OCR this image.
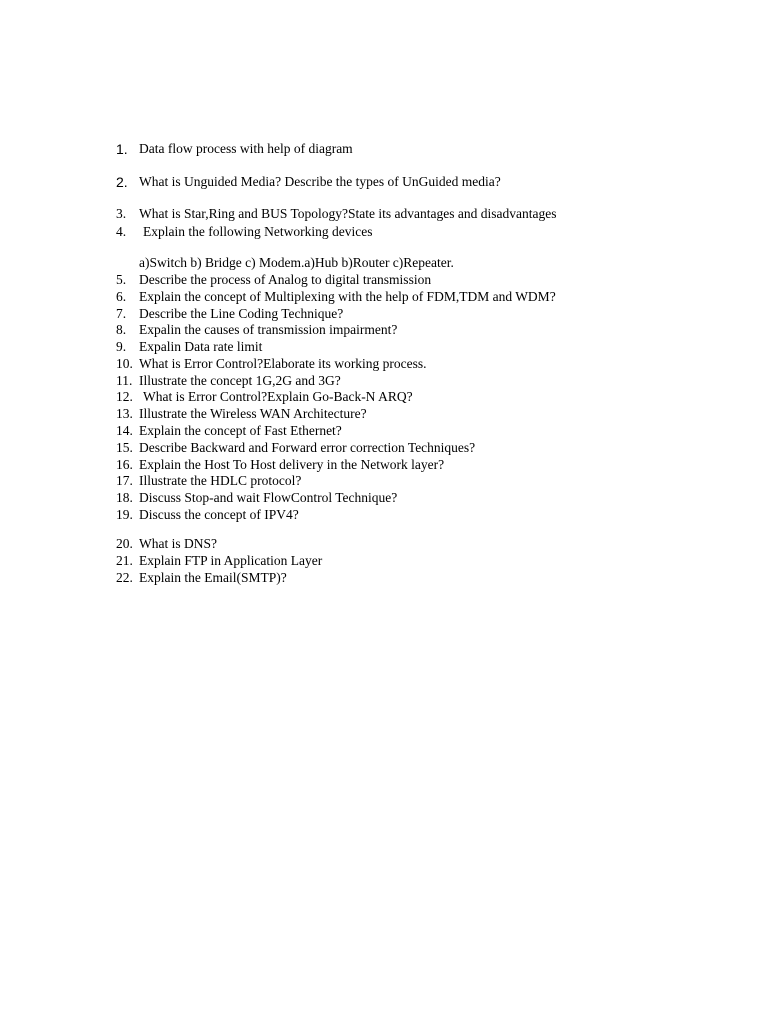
1. Data flow process with help of diagram
2. What is Unguided Media? Describe the types of UnGuided media?
3. What is Star,Ring and BUS Topology?State its advantages and disadvantages
4. Explain the following Networking devices
a)Switch b) Bridge c) Modem.a)Hub b)Router c)Repeater.
5. Describe the process of Analog to digital transmission
6. Explain the concept of Multiplexing with the help of FDM,TDM and WDM?
7. Describe the Line Coding Technique?
8. Expalin the causes of transmission impairment?
9. Expalin Data rate limit
10. What is Error Control?Elaborate its working process.
11. Illustrate the concept 1G,2G and 3G?
12. What is Error Control?Explain Go-Back-N ARQ?
13. Illustrate the Wireless WAN Architecture?
14. Explain the concept of Fast Ethernet?
15. Describe Backward and Forward error correction Techniques?
16. Explain the Host To Host delivery in the Network layer?
17. Illustrate the HDLC protocol?
18. Discuss Stop-and wait FlowControl Technique?
19. Discuss the concept of IPV4?
20. What is DNS?
21. Explain FTP in Application Layer
22. Explain the Email(SMTP)?
